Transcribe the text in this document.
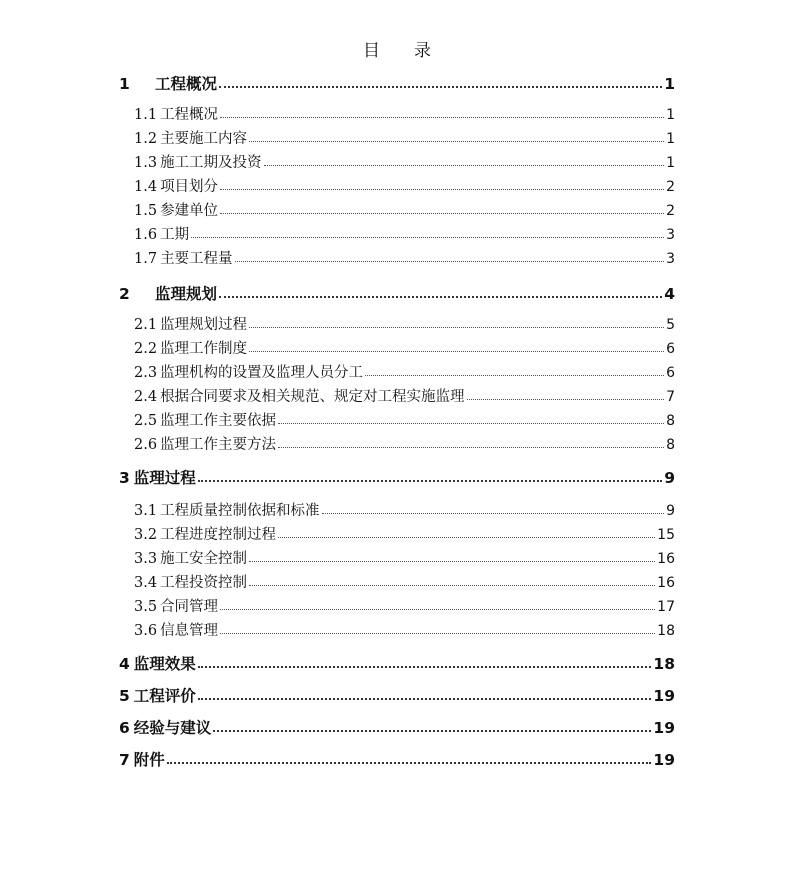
目　　录
1	工程概况	1
1.1 工程概况	1
1.2 主要施工内容	1
1.3 施工工期及投资	1
1.4 项目划分	2
1.5 参建单位	2
1.6 工期	3
1.7 主要工程量	3
2	监理规划	4
2.1 监理规划过程	5
2.2 监理工作制度	6
2.3 监理机构的设置及监理人员分工	6
2.4 根据合同要求及相关规范、规定对工程实施监理	7
2.5 监理工作主要依据	8
2.6 监理工作主要方法	8
3 监理过程	9
3.1 工程质量控制依据和标准	9
3.2 工程进度控制过程	15
3.3 施工安全控制	16
3.4 工程投资控制	16
3.5 合同管理	17
3.6 信息管理	18
4 监理效果	18
5 工程评价	19
6 经验与建议	19
7 附件	19
